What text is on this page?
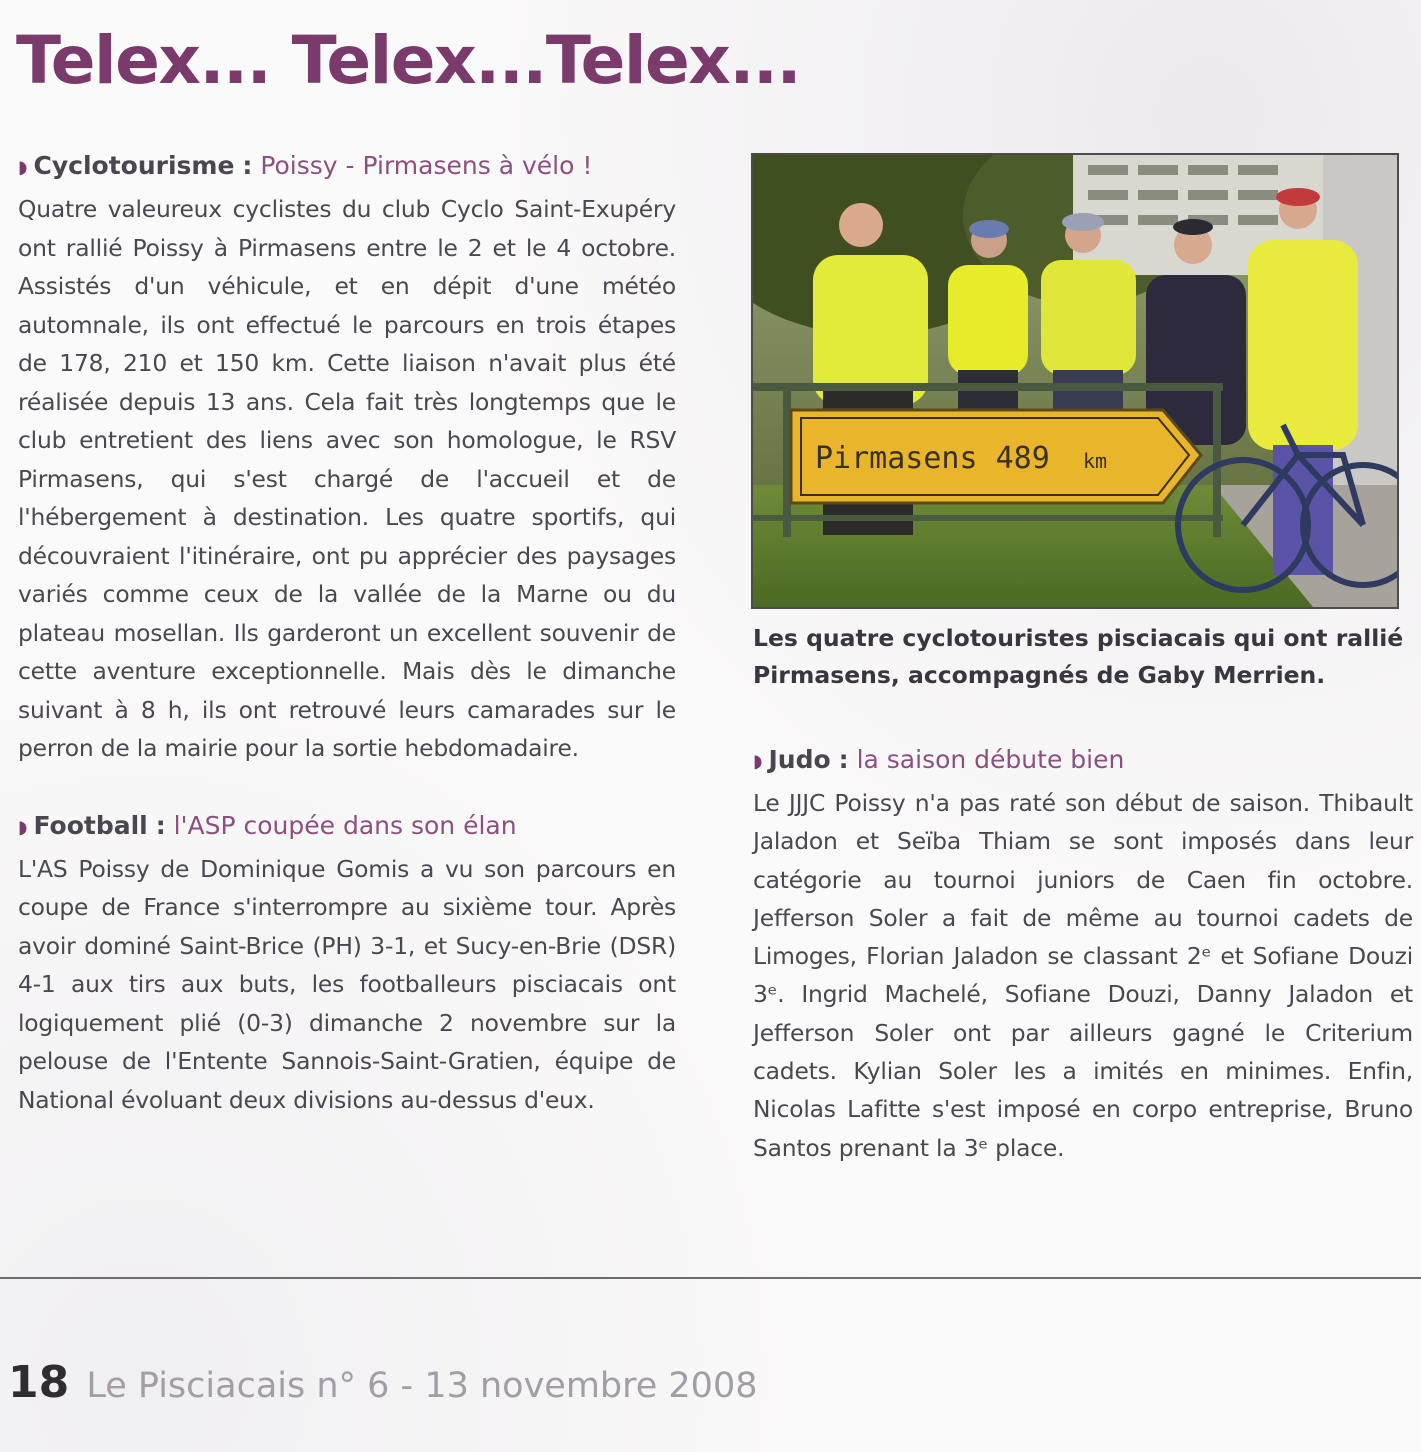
Telex... Telex...Telex...

◗ Cyclotourisme : Poissy - Pirmasens à vélo !

Quatre valeureux cyclistes du club Cyclo Saint-Exupéry ont rallié Poissy à Pirmasens entre le 2 et le 4 octobre. Assistés d'un véhicule, et en dépit d'une météo automnale, ils ont effectué le parcours en trois étapes de 178, 210 et 150 km. Cette liaison n'avait plus été réalisée depuis 13 ans. Cela fait très longtemps que le club entretient des liens avec son homologue, le RSV Pirmasens, qui s'est chargé de l'accueil et de l'hébergement à destination. Les quatre sportifs, qui découvraient l'itinéraire, ont pu apprécier des paysages variés comme ceux de la vallée de la Marne ou du plateau mosellan. Ils garderont un excellent souvenir de cette aventure exceptionnelle. Mais dès le dimanche suivant à 8 h, ils ont retrouvé leurs camarades sur le perron de la mairie pour la sortie hebdomadaire.

◗ Football : l'ASP coupée dans son élan

L'AS Poissy de Dominique Gomis a vu son parcours en coupe de France s'interrompre au sixième tour. Après avoir dominé Saint-Brice (PH) 3-1, et Sucy-en-Brie (DSR) 4-1 aux tirs aux buts, les footballeurs pisciacais ont logiquement plié (0-3) dimanche 2 novembre sur la pelouse de l'Entente Sannois-Saint-Gratien, équipe de National évoluant deux divisions au-dessus d'eux.

Pirmasens 489 km

Les quatre cyclotouristes pisciacais qui ont rallié Pirmasens, accompagnés de Gaby Merrien.

◗ Judo : la saison débute bien

Le JJJC Poissy n'a pas raté son début de saison. Thibault Jaladon et Seïba Thiam se sont imposés dans leur catégorie au tournoi juniors de Caen fin octobre. Jefferson Soler a fait de même au tournoi cadets de Limoges, Florian Jaladon se classant 2ᵉ et Sofiane Douzi 3ᵉ. Ingrid Machelé, Sofiane Douzi, Danny Jaladon et Jefferson Soler ont par ailleurs gagné le Criterium cadets. Kylian Soler les a imités en minimes. Enfin, Nicolas Lafitte s'est imposé en corpo entreprise, Bruno Santos prenant la 3ᵉ place.

18 Le Pisciacais n° 6 - 13 novembre 2008
